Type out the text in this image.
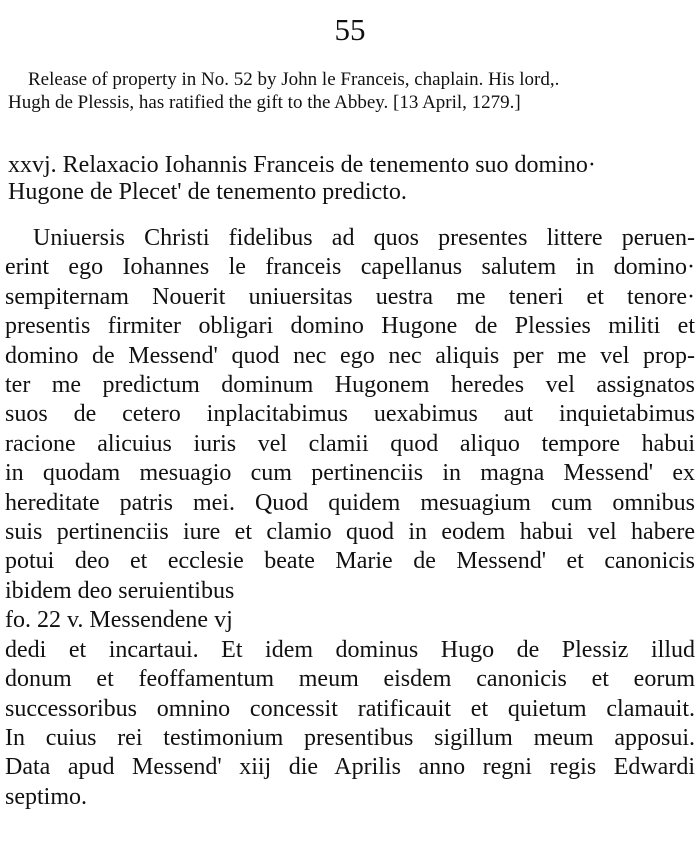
55
Release of property in No. 52 by John le Franceis, chaplain. His lord,.
Hugh de Plessis, has ratified the gift to the Abbey. [13 April, 1279.]
xxvj. Relaxacio Iohannis Franceis de tenemento suo domino·
Hugone de Plecet' de tenemento predicto.
Uniuersis Christi fidelibus ad quos presentes littere peruen-
erint ego Iohannes le franceis capellanus salutem in domino·
sempiternam Nouerit uniuersitas uestra me teneri et tenore·
presentis firmiter obligari domino Hugone de Plessies militi et
domino de Messend' quod nec ego nec aliquis per me vel prop-
ter me predictum dominum Hugonem heredes vel assignatos
suos de cetero inplacitabimus uexabimus aut inquietabimus
racione alicuius iuris vel clamii quod aliquo tempore habui
in quodam mesuagio cum pertinenciis in magna Messend' ex
hereditate patris mei. Quod quidem mesuagium cum omnibus
suis pertinenciis iure et clamio quod in eodem habui vel habere
potui deo et ecclesie beate Marie de Messend' et canonicis
ibidem deo seruientibus
fo. 22 v. Messendene vj
dedi et incartaui. Et idem dominus Hugo de Plessiz illud
donum et feoffamentum meum eisdem canonicis et eorum
successoribus omnino concessit ratificauit et quietum clamauit.
In cuius rei testimonium presentibus sigillum meum apposui.
Data apud Messend' xiij die Aprilis anno regni regis Edwardi
septimo.
